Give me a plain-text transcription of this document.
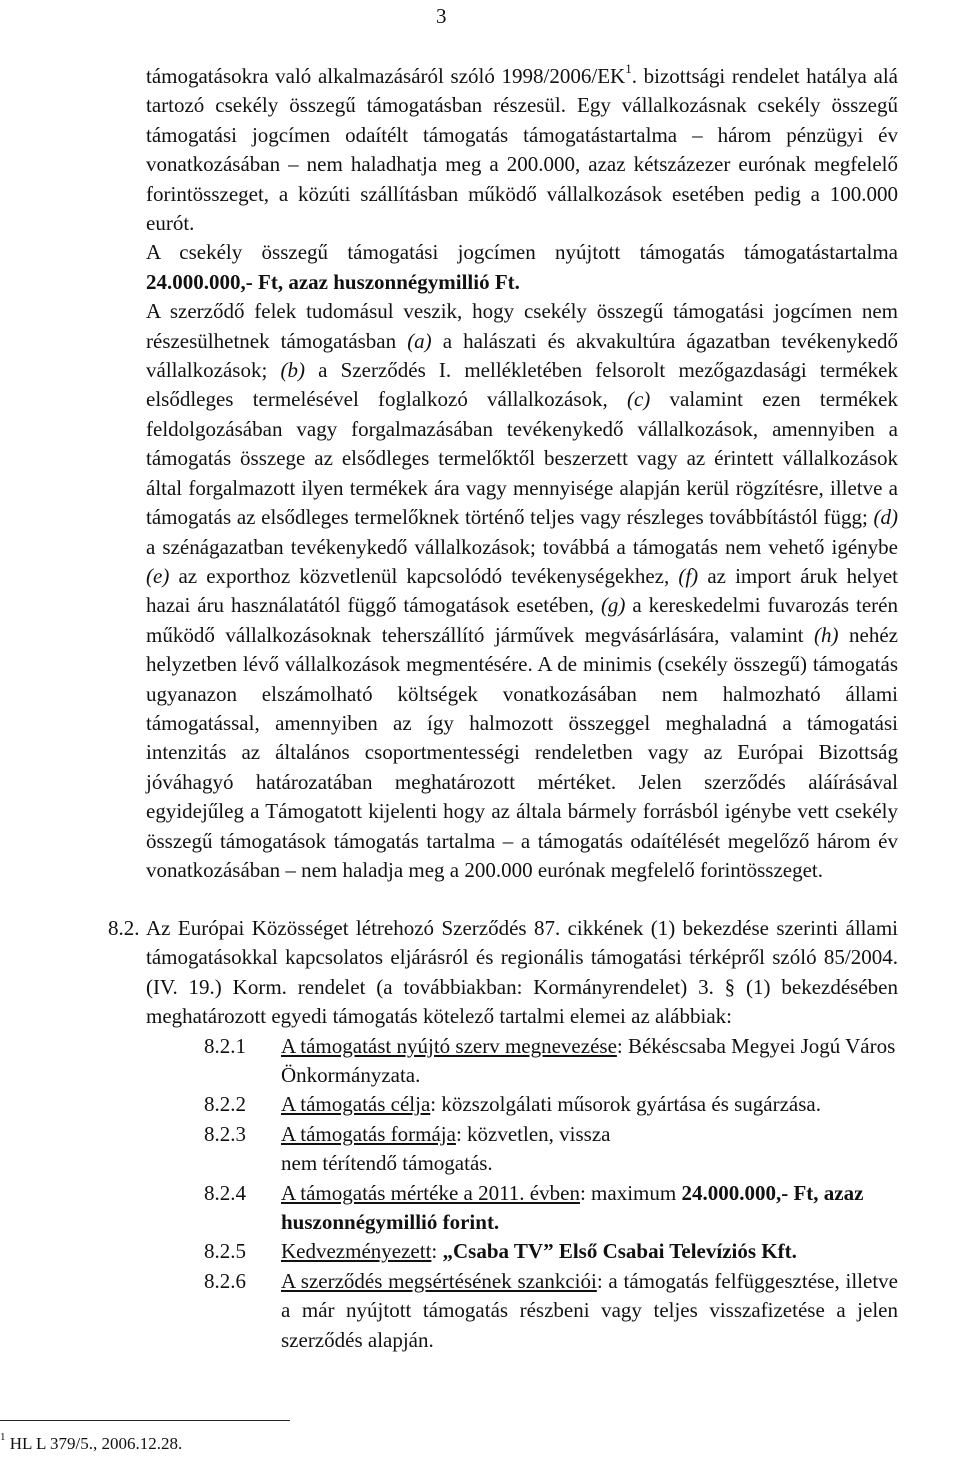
3

támogatásokra való alkalmazásáról szóló $1998/2006/EK^1$. bizottsági rendelet hatálya alá tartozó csekély összegű támogatásban részesül. Egy vállalkozásnak csekély összegű támogatási jogcímen odaítélt támogatás támogatástartalma – három pénzügyi év vonatkozásában – nem haladhatja meg a 200.000, azaz kétszázezer eurónak megfelelő forintösszeget, a közúti szállításban működő vállalkozások esetében pedig a 100.000 eurót.

A csekély összegű támogatási jogcímen nyújtott támogatás támogatástartalma 24.000.000,- Ft, azaz huszonnégymillió Ft.

A szerződő felek tudomásul veszik, hogy csekély összegű támogatási jogcímen nem részesülhetnek támogatásban (a) a halászati és akvakultúra ágazatban tevékenykedő vállalkozások; (b) a Szerződés I. mellékletében felsorolt mezőgazdasági termékek elsődleges termelésével foglalkozó vállalkozások, (c) valamint ezen termékek feldolgozásában vagy forgalmazásában tevékenykedő vállalkozások, amennyiben a támogatás összege az elsődleges termelőktől beszerzett vagy az érintett vállalkozások által forgalmazott ilyen termékek ára vagy mennyisége alapján kerül rögzítésre, illetve a támogatás az elsődleges termelőknek történő teljes vagy részleges továbbítástól függ; (d) a szénágazatban tevékenykedő vállalkozások; továbbá a támogatás nem vehető igénybe (e) az exporthoz közvetlenül kapcsolódó tevékenységekhez, (f) az import áruk helyet hazai áru használatától függő támogatások esetében, (g) a kereskedelmi fuvarozás terén működő vállalkozásoknak teherszállító járművek megvásárlására, valamint (h) nehéz helyzetben lévő vállalkozások megmentésére. A de minimis (csekély összegű) támogatás ugyanazon elszámolható költségek vonatkozásában nem halmozható állami támogatással, amennyiben az így halmozott összeggel meghaladná a támogatási intenzitás az általános csoportmentességi rendeletben vagy az Európai Bizottság jóváhagyó határozatában meghatározott mértéket. Jelen szerződés aláírásával egyidejűleg a Támogatott kijelenti hogy az általa bármely forrásból igénybe vett csekély összegű támogatások támogatás tartalma – a támogatás odaítélését megelőző három év vonatkozásában – nem haladja meg a 200.000 eurónak megfelelő forintösszeget.

8.2. Az Európai Közösséget létrehozó Szerződés 87. cikkének (1) bekezdése szerinti állami támogatásokkal kapcsolatos eljárásról és regionális támogatási térképről szóló 85/2004. (IV. 19.) Korm. rendelet (a továbbiakban: Kormányrendelet) 3. § (1) bekezdésében meghatározott egyedi támogatás kötelező tartalmi elemei az alábbiak:
8.2.1 A támogatást nyújtó szerv megnevezése: Békéscsaba Megyei Jogú Város Önkormányzata.
8.2.2 A támogatás célja: közszolgálati műsorok gyártása és sugárzása.
8.2.3 A támogatás formája: közvetlen, vissza nem térítendő támogatás.
8.2.4 A támogatás mértéke a 2011. évben: maximum 24.000.000,- Ft, azaz huszonnégymillió forint.
8.2.5 Kedvezményezett: „Csaba TV” Első Csabai Televíziós Kft.
8.2.6 A szerződés megsértésének szankciói: a támogatás felfüggesztése, illetve a már nyújtott támogatás részbeni vagy teljes visszafizetése a jelen szerződés alapján.
$^1$ HL L 379/5., 2006.12.28.
